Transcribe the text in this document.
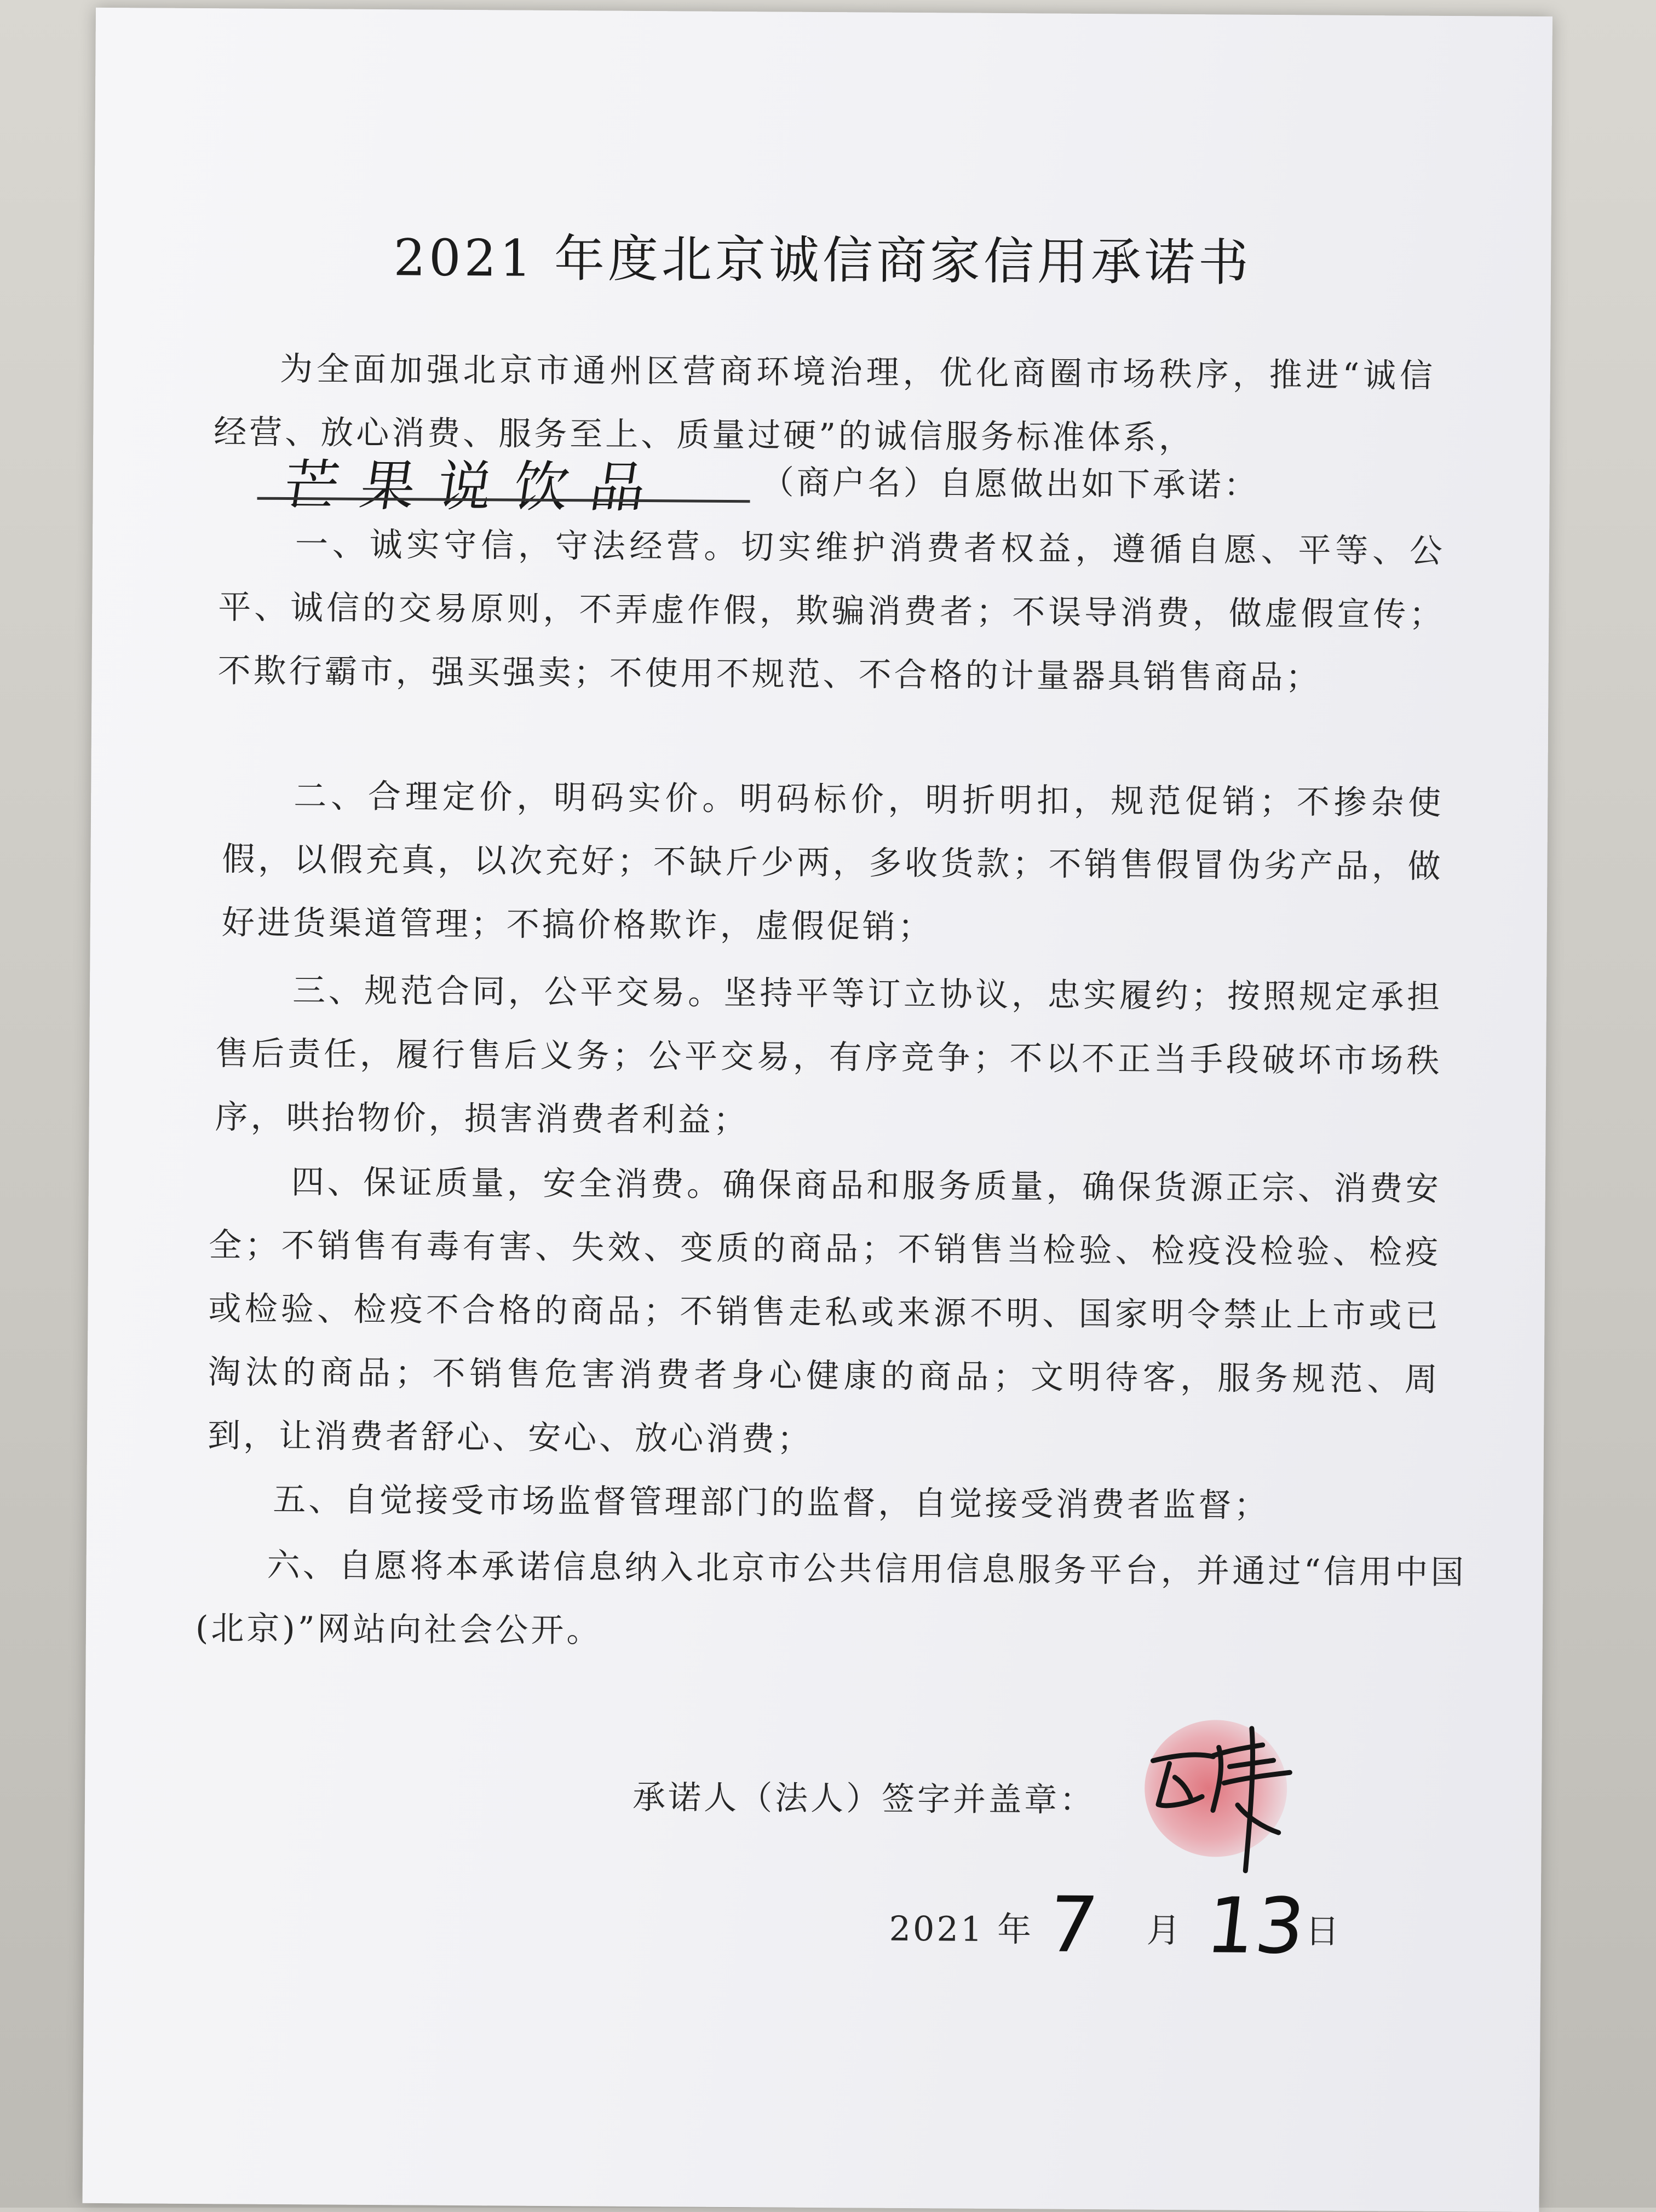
2021 年度北京诚信商家信用承诺书
为全面加强北京市通州区营商环境治理，优化商圈市场秩序，推进“诚信经营、放心消费、服务至上、质量过硬”的诚信服务标准体系，
芒果说饮品	（商户名）自愿做出如下承诺：
一、诚实守信，守法经营。切实维护消费者权益，遵循自愿、平等、公平、诚信的交易原则，不弄虚作假，欺骗消费者；不误导消费，做虚假宣传；不欺行霸市，强买强卖；不使用不规范、不合格的计量器具销售商品；
二、合理定价，明码实价。明码标价，明折明扣，规范促销；不掺杂使假，以假充真，以次充好；不缺斤少两，多收货款；不销售假冒伪劣产品，做好进货渠道管理；不搞价格欺诈，虚假促销；
三、规范合同，公平交易。坚持平等订立协议，忠实履约；按照规定承担售后责任，履行售后义务；公平交易，有序竞争；不以不正当手段破坏市场秩序，哄抬物价，损害消费者利益；
四、保证质量，安全消费。确保商品和服务质量，确保货源正宗、消费安全；不销售有毒有害、失效、变质的商品；不销售当检验、检疫没检验、检疫或检验、检疫不合格的商品；不销售走私或来源不明、国家明令禁止上市或已淘汰的商品；不销售危害消费者身心健康的商品；文明待客，服务规范、周到，让消费者舒心、安心、放心消费；
五、自觉接受市场监督管理部门的监督，自觉接受消费者监督；
六、自愿将本承诺信息纳入北京市公共信用信息服务平台，并通过“信用中国(北京)”网站向社会公开。
承诺人（法人）签字并盖章：
2021 年 7 月 13
日
